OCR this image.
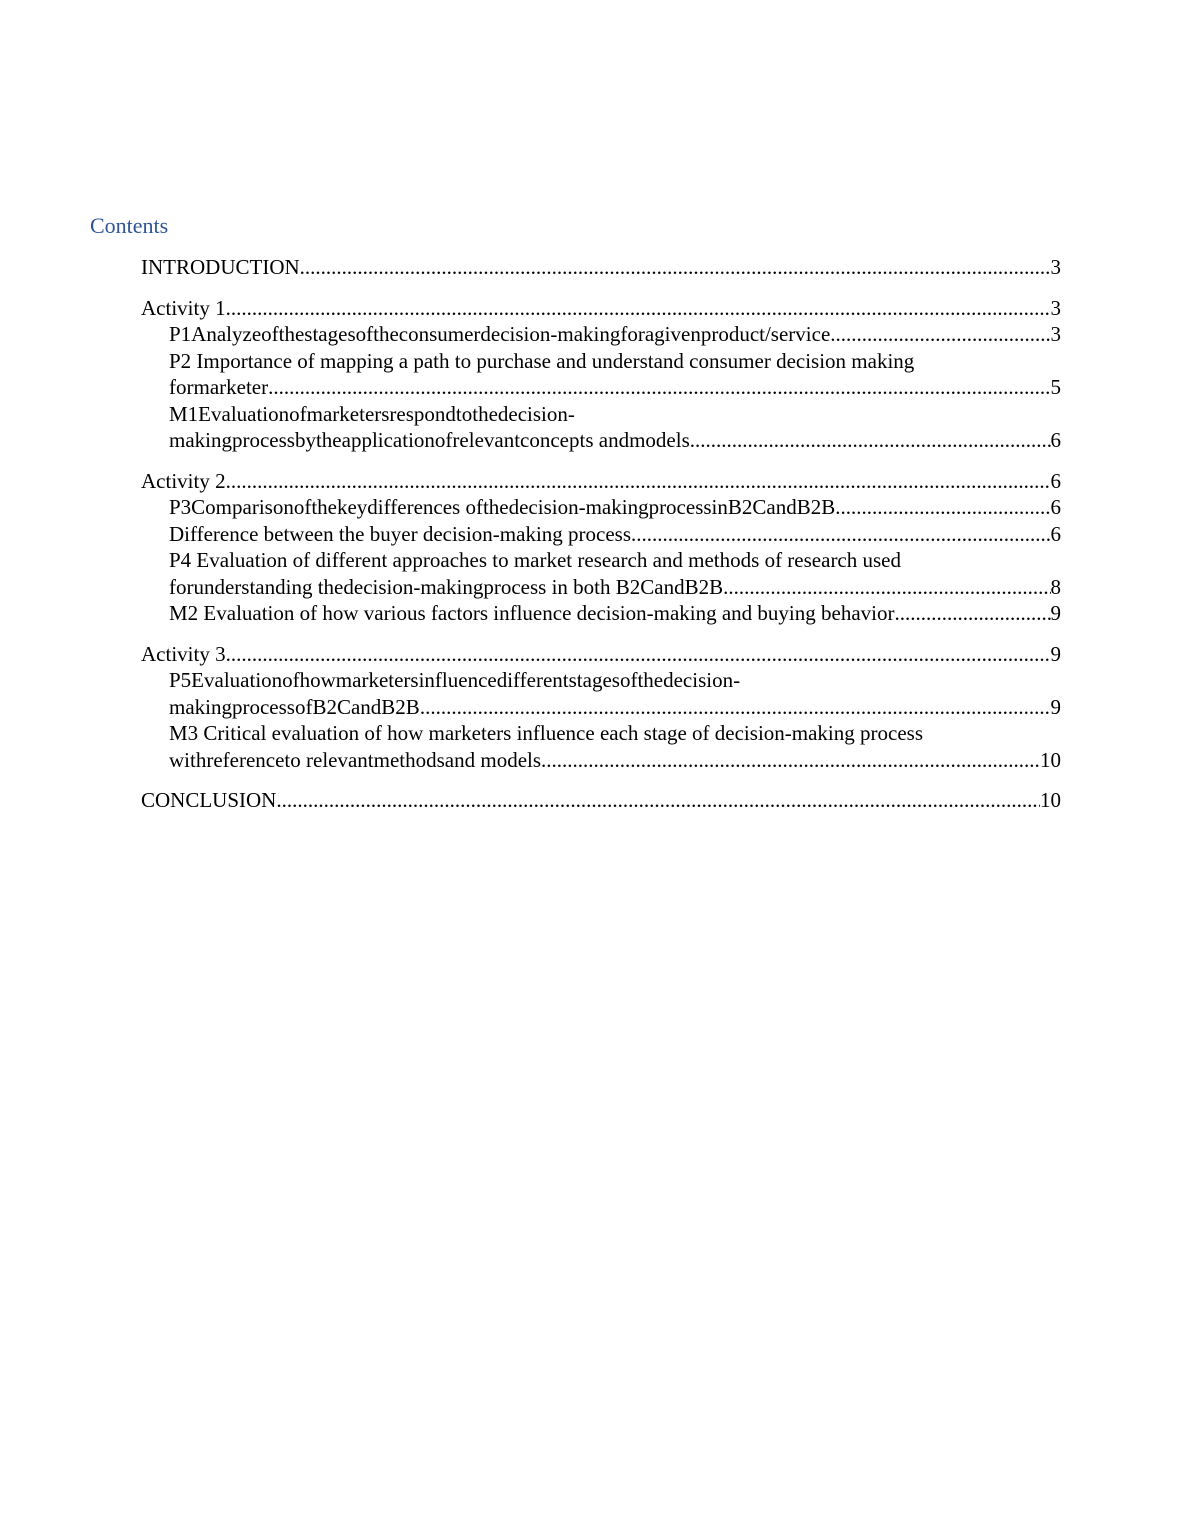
Contents
INTRODUCTION .....	3
Activity 1 .....	3
P1Analyzeofthestagesoftheconsumerdecision-makingforagivenproduct/service .....	3
P2 Importance of mapping a path to purchase and understand consumer decision making
formarketer .....	5
M1Evaluationofmarketersrespondtothedecision-
makingprocessbytheapplicationofrelevantconcepts andmodels .....	6
Activity 2 .....	6
P3Comparisonofthekeydifferences ofthedecision-makingprocessinB2CandB2B .....	6
Difference between the buyer decision-making process .....	6
P4 Evaluation of different approaches to market research and methods of research used
forunderstanding thedecision-makingprocess in both B2CandB2B .....	8
M2 Evaluation of how various factors influence decision-making and buying behavior .....	9
Activity 3 .....	9
P5Evaluationofhowmarketersinfluencedifferentstagesofthedecision-
makingprocessofB2CandB2B .....	9
M3 Critical evaluation of how marketers influence each stage of decision-making process
withreferenceto relevantmethodsand models .....	10
CONCLUSION .....	10
